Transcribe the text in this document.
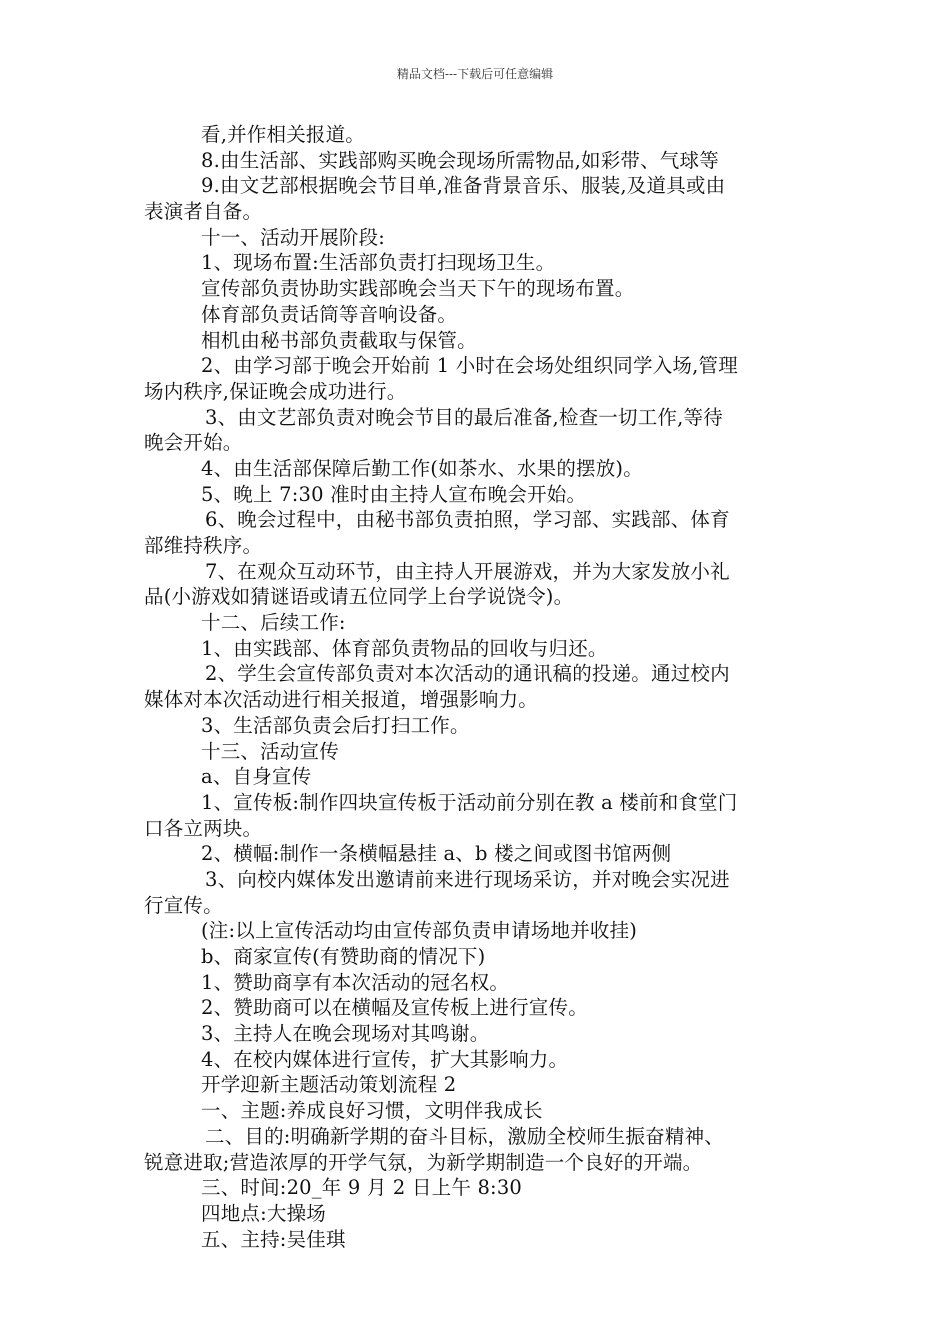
精品文档---下载后可任意编辑
看,并作相关报道。
8.由生活部、实践部购买晚会现场所需物品,如彩带、气球等
9.由文艺部根据晚会节目单,准备背景音乐、服装,及道具或由
表演者自备。
十一、活动开展阶段:
1、现场布置:生活部负责打扫现场卫生。
宣传部负责协助实践部晚会当天下午的现场布置。
体育部负责话筒等音响设备。
相机由秘书部负责截取与保管。
2、由学习部于晚会开始前 1 小时在会场处组织同学入场,管理
场内秩序,保证晚会成功进行。
3、由文艺部负责对晚会节目的最后准备,检查一切工作,等待
晚会开始。
4、由生活部保障后勤工作(如茶水、水果的摆放)。
5、晚上 7:30 准时由主持人宣布晚会开始。
6、晚会过程中，由秘书部负责拍照，学习部、实践部、体育
部维持秩序。
7、在观众互动环节，由主持人开展游戏，并为大家发放小礼
品(小游戏如猜谜语或请五位同学上台学说饶令)。
十二、后续工作:
1、由实践部、体育部负责物品的回收与归还。
2、学生会宣传部负责对本次活动的通讯稿的投递。通过校内
媒体对本次活动进行相关报道，增强影响力。
3、生活部负责会后打扫工作。
十三、活动宣传
a、自身宣传
1、宣传板:制作四块宣传板于活动前分别在教 a 楼前和食堂门
口各立两块。
2、横幅:制作一条横幅悬挂 a、b 楼之间或图书馆两侧
3、向校内媒体发出邀请前来进行现场采访，并对晚会实况进
行宣传。
(注:以上宣传活动均由宣传部负责申请场地并收挂)
b、商家宣传(有赞助商的情况下)
1、赞助商享有本次活动的冠名权。
2、赞助商可以在横幅及宣传板上进行宣传。
3、主持人在晚会现场对其鸣谢。
4、在校内媒体进行宣传，扩大其影响力。
开学迎新主题活动策划流程 2
一、主题:养成良好习惯，文明伴我成长
二、目的:明确新学期的奋斗目标，激励全校师生振奋精神、
锐意进取;营造浓厚的开学气氛，为新学期制造一个良好的开端。
三、时间:20_年 9 月 2 日上午 8:30
四地点:大操场
五、主持:吴佳琪
